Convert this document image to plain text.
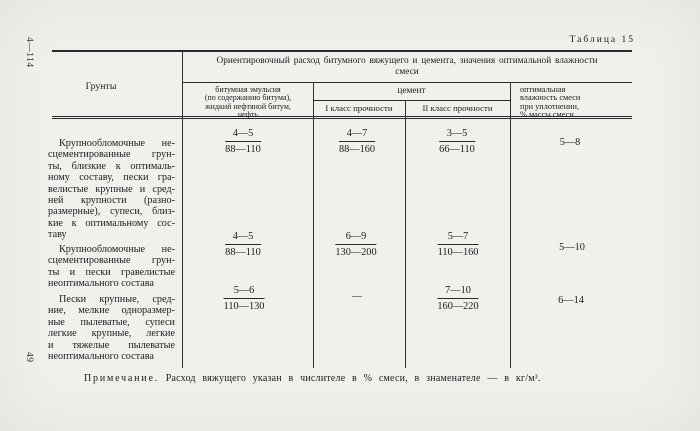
4—114
49
Таблица 15
Грунты
Ориентировочный расход битумного вяжущего и цемента, значения оптимальной влажности
смеси
битумная эмульсия
(по содержанию битума),
жидкий нефтяной битум,
нефть
цемент
I класс прочности	II класс прочности
оптимальная
влажность смеси
при уплотнении,
% массы смеси
Крупнообломочные не-
сцементированные грун-
ты, близкие к оптималь-
ному составу, пески гра-
велистые крупные и сред-
ней крупности (разно-
размерные), супеси, близ-
кие к оптимальному сос-
таву
$\frac{4—5}{88—110}$	$\frac{4—7}{88—160}$	$\frac{3—5}{66—110}$	5—8
Крупнообломочные не-
сцементированные грун-
ты и пески гравелистые
неоптимального состава
$\frac{4—5}{88—110}$	$\frac{6—9}{130—200}$	$\frac{5—7}{110—160}$	5—10
Пески крупные, сред-
ние, мелкие одноразмер-
ные пылеватые, супеси
легкие крупные, легкие
и тяжелые пылеватые
неоптимального состава
$\frac{5—6}{110—130}$	—	$\frac{7—10}{160—220}$	6—14
Примечание. Расход вяжущего указан в числителе в % смеси, в знаменателе — в кг/м³.
